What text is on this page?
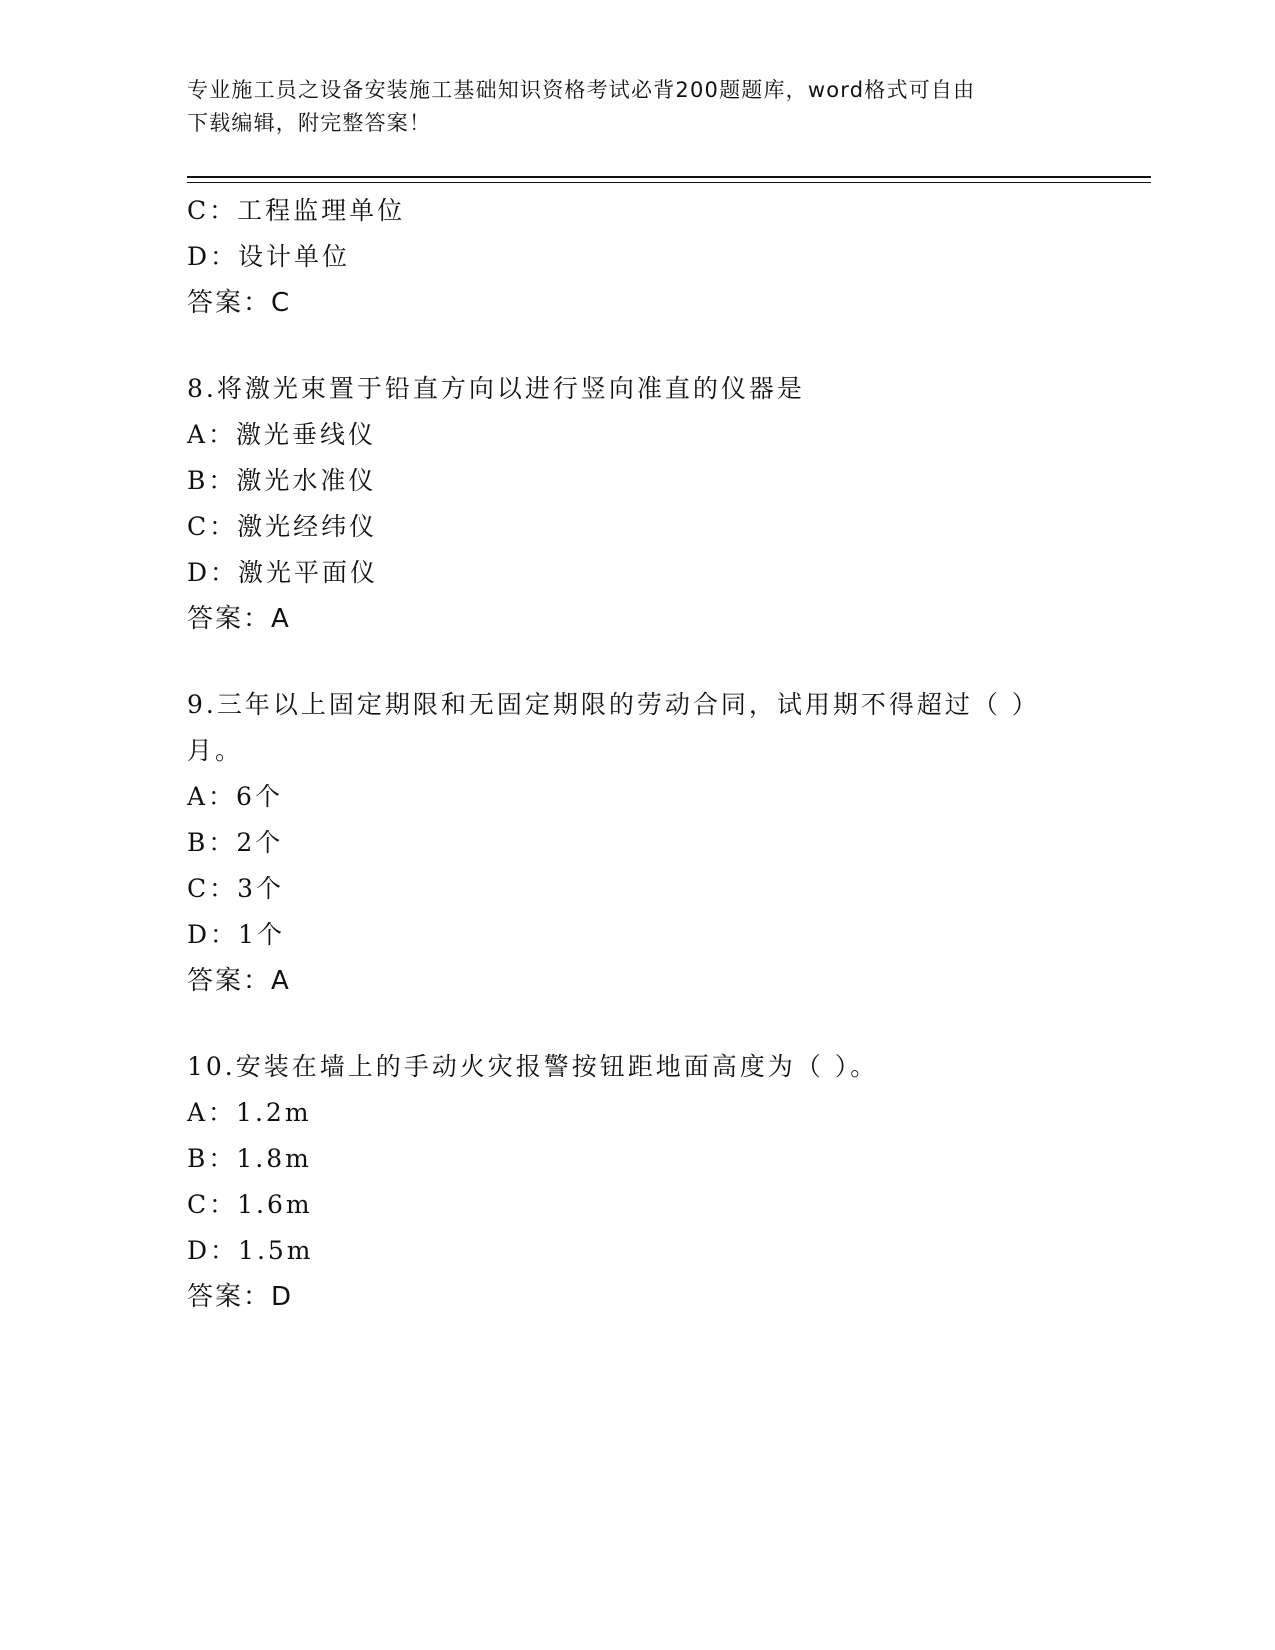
专业施工员之设备安装施工基础知识资格考试必背200题题库，word格式可自由
下载编辑，附完整答案！
C：工程监理单位
D：设计单位
答案：C
8.将激光束置于铅直方向以进行竖向准直的仪器是
A：激光垂线仪
B：激光水准仪
C：激光经纬仪
D：激光平面仪
答案：A
9.三年以上固定期限和无固定期限的劳动合同，试用期不得超过（ ）
月。
A：6个
B：2个
C：3个
D：1个
答案：A
10.安装在墙上的手动火灾报警按钮距地面高度为（ ）。
A：1.2m
B：1.8m
C：1.6m
D：1.5m
答案：D
